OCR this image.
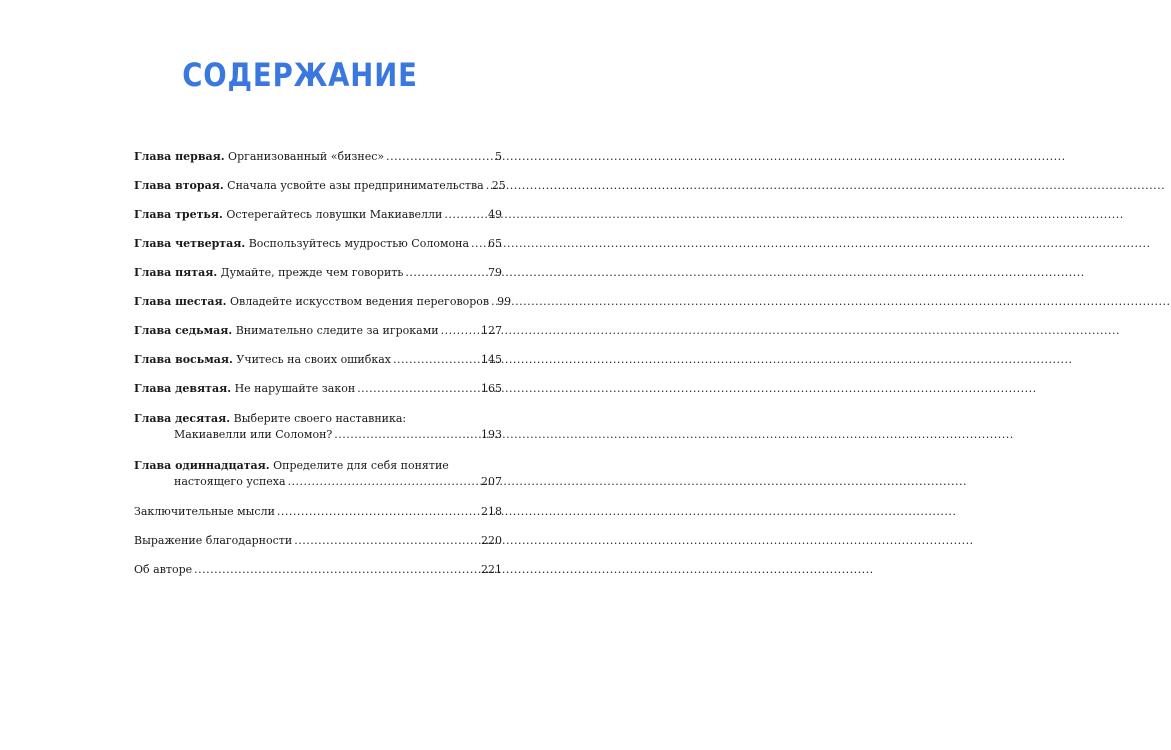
СОДЕРЖАНИЕ
Глава первая. Организованный «бизнес» .....	5
Глава вторая. Сначала усвойте азы предпринимательства ..... 25
Глава третья. Остерегайтесь ловушки Макиавелли .....	49
Глава четвертая. Воспользуйтесь мудростью Соломона ..... 65
Глава пятая. Думайте, прежде чем говорить .....	79
Глава шестая. Овладейте искусством ведения переговоров ..... 99
Глава седьмая. Внимательно следите за игроками .....	127
Глава восьмая. Учитесь на своих ошибках .....	145
Глава девятая. Не нарушайте закон .....	165
Глава десятая. Выберите своего наставника:
Макиавелли или Соломон? .....	193
Глава одиннадцатая. Определите для себя понятие
настоящего успеха .....	207
Заключительные мысли .....	218
Выражение благодарности .....	220
Об авторе .....	221
